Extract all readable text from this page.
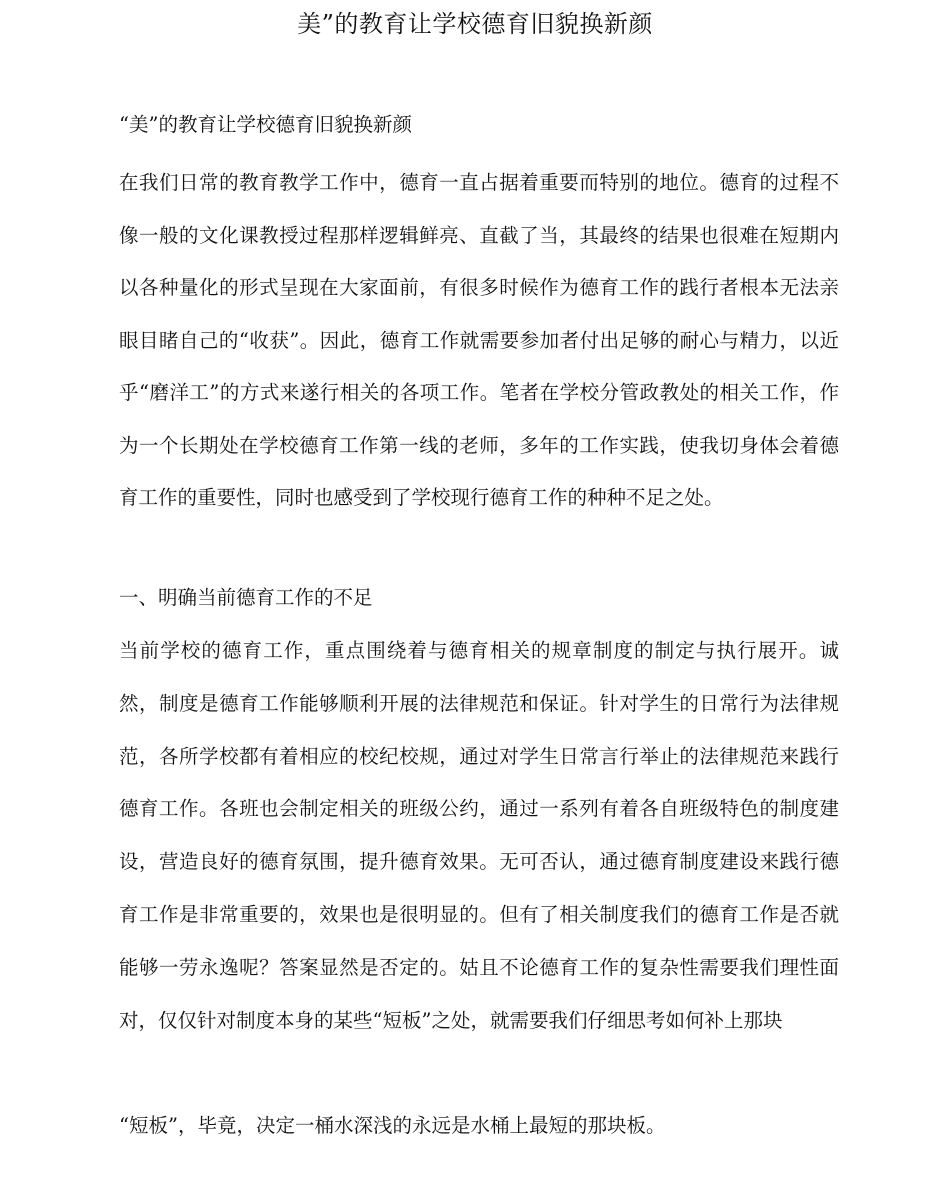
美”的教育让学校德育旧貌换新颜

“美”的教育让学校德育旧貌换新颜

在我们日常的教育教学工作中，德育一直占据着重要而特别的地位。德育的过程不像一般的文化课教授过程那样逻辑鲜亮、直截了当，其最终的结果也很难在短期内以各种量化的形式呈现在大家面前，有很多时候作为德育工作的践行者根本无法亲眼目睹自己的“收获”。因此，德育工作就需要参加者付出足够的耐心与精力，以近乎“磨洋工”的方式来遂行相关的各项工作。笔者在学校分管政教处的相关工作，作为一个长期处在学校德育工作第一线的老师，多年的工作实践，使我切身体会着德育工作的重要性，同时也感受到了学校现行德育工作的种种不足之处。

一、明确当前德育工作的不足

当前学校的德育工作，重点围绕着与德育相关的规章制度的制定与执行展开。诚然，制度是德育工作能够顺利开展的法律规范和保证。针对学生的日常行为法律规范，各所学校都有着相应的校纪校规，通过对学生日常言行举止的法律规范来践行德育工作。各班也会制定相关的班级公约，通过一系列有着各自班级特色的制度建设，营造良好的德育氛围，提升德育效果。无可否认，通过德育制度建设来践行德育工作是非常重要的，效果也是很明显的。但有了相关制度我们的德育工作是否就能够一劳永逸呢？答案显然是否定的。姑且不论德育工作的复杂性需要我们理性面对，仅仅针对制度本身的某些“短板”之处，就需要我们仔细思考如何补上那块

“短板”，毕竟，决定一桶水深浅的永远是水桶上最短的那块板。
